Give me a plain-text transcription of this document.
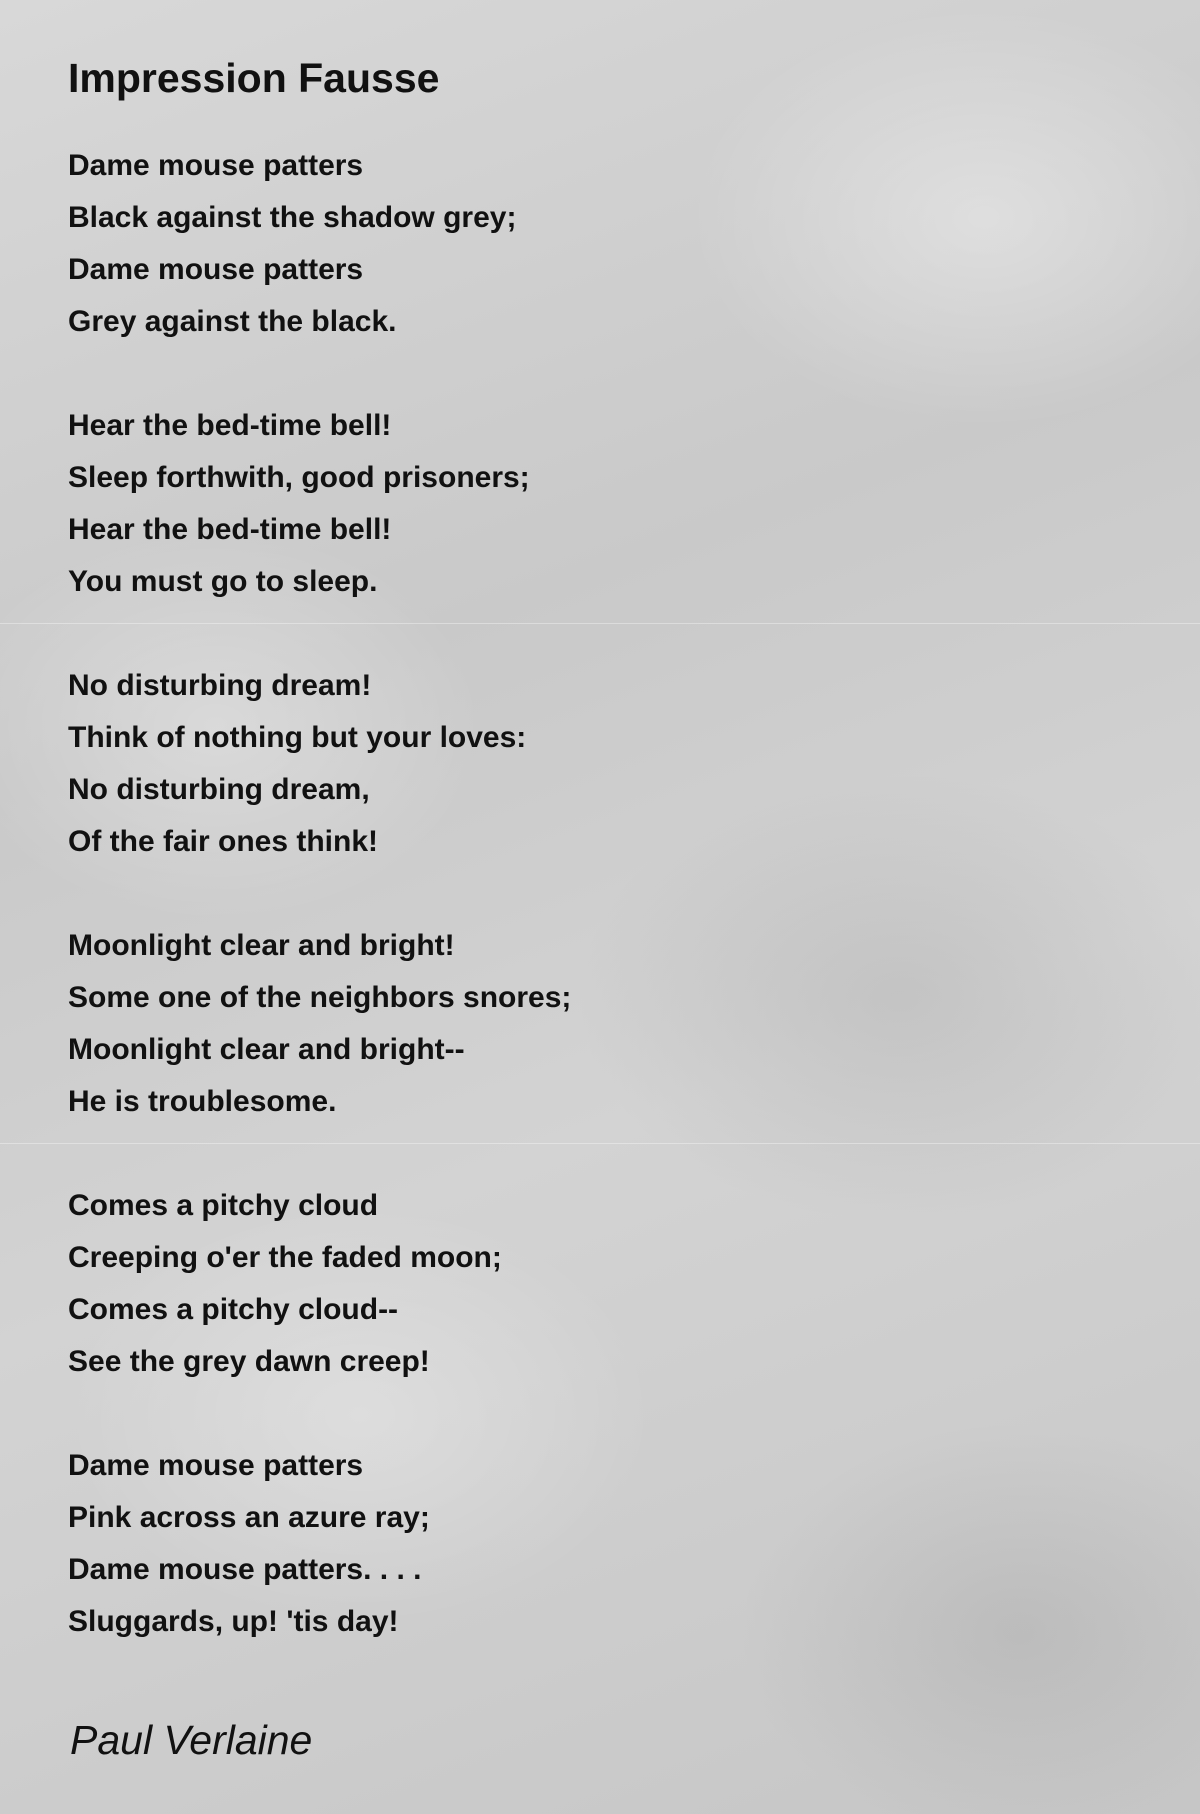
Impression Fausse
Dame mouse patters
Black against the shadow grey;
Dame mouse patters
Grey against the black.
Hear the bed-time bell!
Sleep forthwith, good prisoners;
Hear the bed-time bell!
You must go to sleep.
No disturbing dream!
Think of nothing but your loves:
No disturbing dream,
Of the fair ones think!
Moonlight clear and bright!
Some one of the neighbors snores;
Moonlight clear and bright--
He is troublesome.
Comes a pitchy cloud
Creeping o'er the faded moon;
Comes a pitchy cloud--
See the grey dawn creep!
Dame mouse patters
Pink across an azure ray;
Dame mouse patters. . . .
Sluggards, up! 'tis day!
Paul Verlaine
